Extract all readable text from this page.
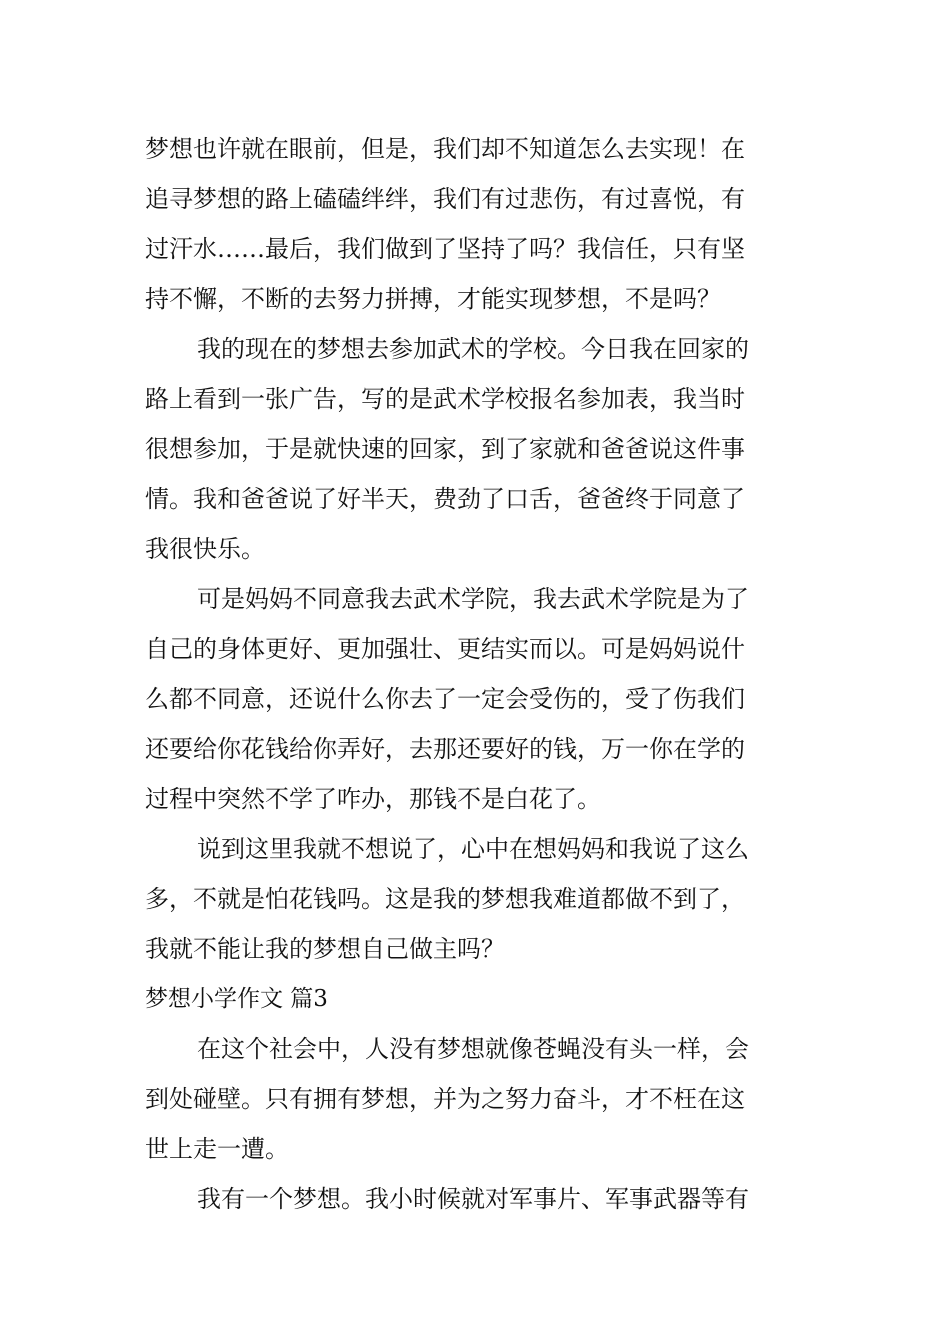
梦想也许就在眼前，但是，我们却不知道怎么去实现！在
追寻梦想的路上磕磕绊绊，我们有过悲伤，有过喜悦，有
过汗水……最后，我们做到了坚持了吗？我信任，只有坚
持不懈，不断的去努力拼搏，才能实现梦想，不是吗？
我的现在的梦想去参加武术的学校。今日我在回家的
路上看到一张广告，写的是武术学校报名参加表，我当时
很想参加，于是就快速的回家，到了家就和爸爸说这件事
情。我和爸爸说了好半天，费劲了口舌，爸爸终于同意了
我很快乐。
可是妈妈不同意我去武术学院，我去武术学院是为了
自己的身体更好、更加强壮、更结实而以。可是妈妈说什
么都不同意，还说什么你去了一定会受伤的，受了伤我们
还要给你花钱给你弄好，去那还要好的钱，万一你在学的
过程中突然不学了咋办，那钱不是白花了。
说到这里我就不想说了，心中在想妈妈和我说了这么
多，不就是怕花钱吗。这是我的梦想我难道都做不到了，
我就不能让我的梦想自己做主吗？
梦想小学作文 篇3
在这个社会中，人没有梦想就像苍蝇没有头一样，会
到处碰壁。只有拥有梦想，并为之努力奋斗，才不枉在这
世上走一遭。
我有一个梦想。我小时候就对军事片、军事武器等有
